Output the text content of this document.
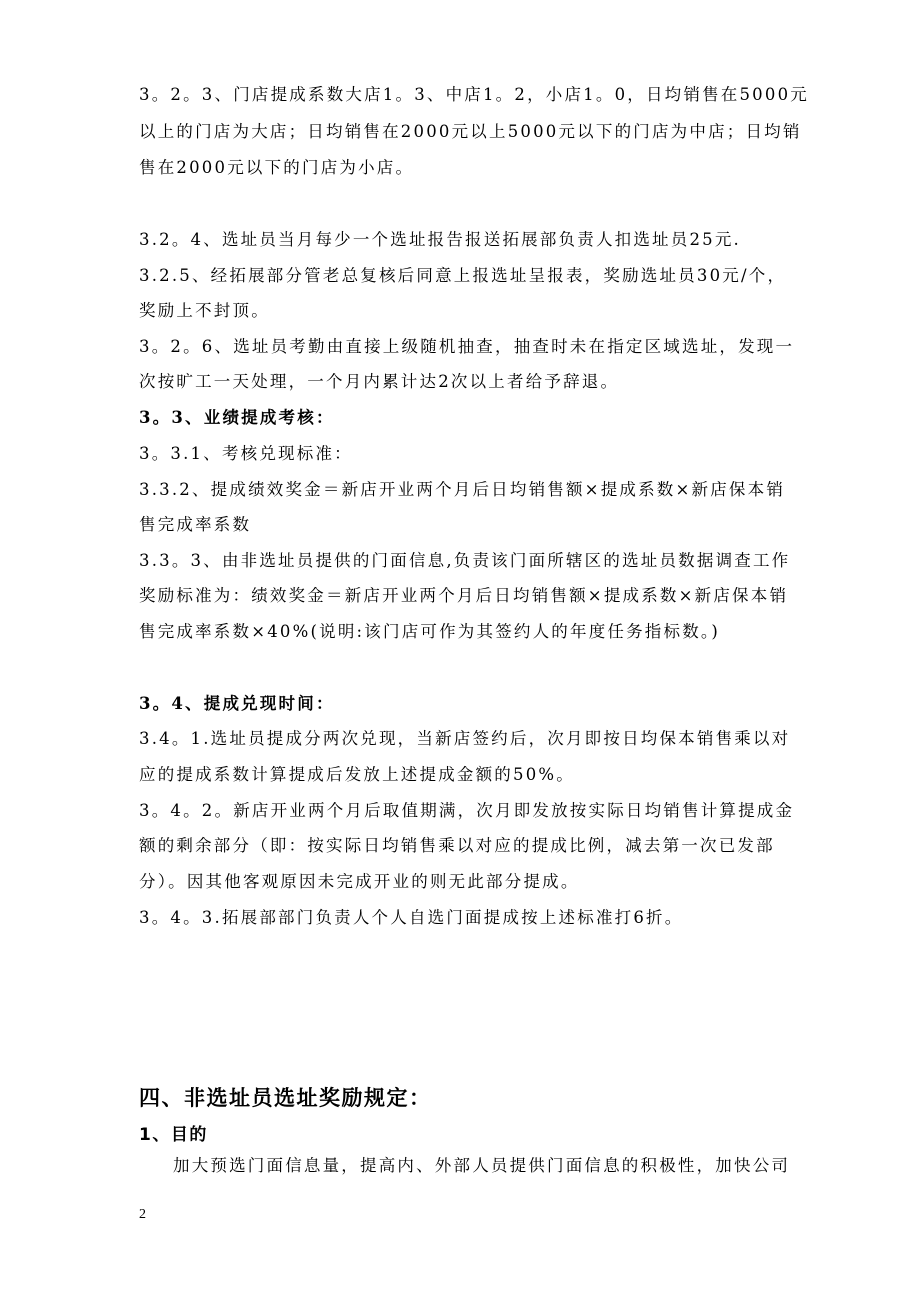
3。2。3、门店提成系数大店1。3、中店1。2，小店1。0，日均销售在5000元
以上的门店为大店；日均销售在2000元以上5000元以下的门店为中店；日均销
售在2000元以下的门店为小店。
3.2。4、选址员当月每少一个选址报告报送拓展部负责人扣选址员25元.
3.2.5、经拓展部分管老总复核后同意上报选址呈报表，奖励选址员30元/个，
奖励上不封顶。
3。2。6、选址员考勤由直接上级随机抽查，抽查时未在指定区域选址，发现一
次按旷工一天处理，一个月内累计达2次以上者给予辞退。
3。3、业绩提成考核：
3。3.1、考核兑现标准：
3.3.2、提成绩效奖金＝新店开业两个月后日均销售额×提成系数×新店保本销
售完成率系数
3.3。3、由非选址员提供的门面信息,负责该门面所辖区的选址员数据调查工作
奖励标准为：绩效奖金＝新店开业两个月后日均销售额×提成系数×新店保本销
售完成率系数×40%(说明:该门店可作为其签约人的年度任务指标数。)
3。4、提成兑现时间：
3.4。1.选址员提成分两次兑现，当新店签约后，次月即按日均保本销售乘以对
应的提成系数计算提成后发放上述提成金额的50%。
3。4。2。新店开业两个月后取值期满，次月即发放按实际日均销售计算提成金
额的剩余部分（即：按实际日均销售乘以对应的提成比例，减去第一次已发部
分）。因其他客观原因未完成开业的则无此部分提成。
3。4。3.拓展部部门负责人个人自选门面提成按上述标准打6折。
四、非选址员选址奖励规定：
1、目的
加大预选门面信息量，提高内、外部人员提供门面信息的积极性，加快公司
2
